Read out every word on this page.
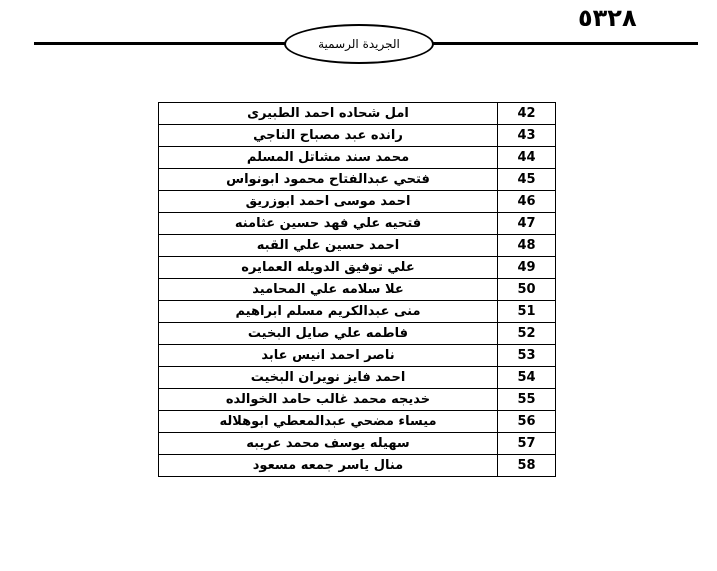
٥٣٢٨
الجريدة الرسمية
امل شحاده احمد الطبيرى	42
رانده عبد مصباح الناجي	43
محمد سند مشاتل المسلم	44
فتحي عبدالفتاح محمود ابونواس	45
احمد موسى احمد ابوزريق	46
فتحيه علي فهد حسين عثامنه	47
احمد حسين علي القبه	48
علي توفيق الدويله العمايره	49
علا سلامه علي المحاميد	50
منى عبدالكريم مسلم ابراهيم	51
فاطمه علي صايل البخيت	52
ناصر احمد انيس عابد	53
احمد فايز نويران البخيت	54
خديجه محمد غالب حامد الخوالده	55
ميساء مضحي عبدالمعطي ابوهلاله	56
سهيله يوسف محمد عريبه	57
منال ياسر جمعه مسعود	58
